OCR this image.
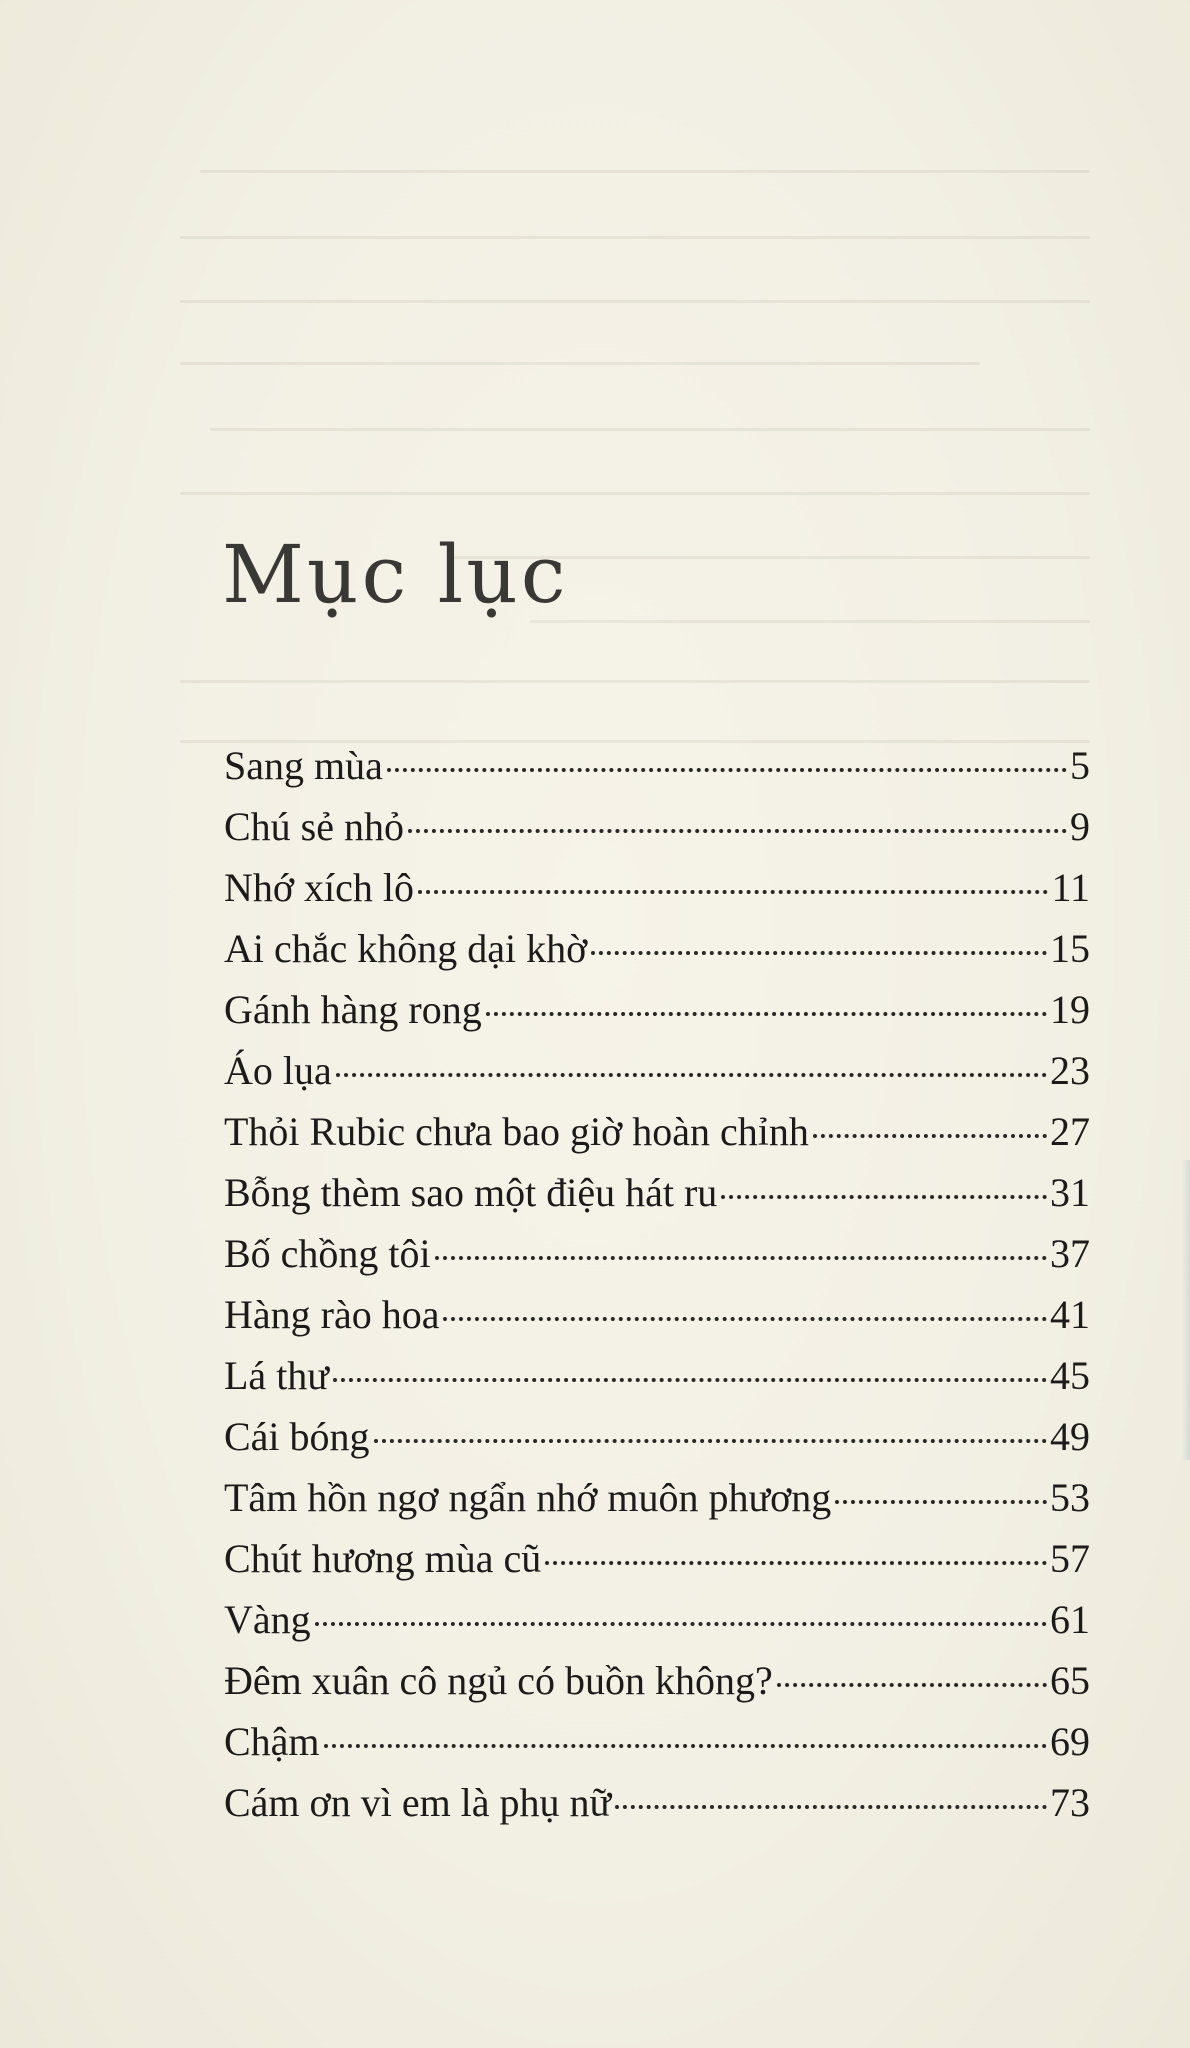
Mục lục
Sang mùa	5
Chú sẻ nhỏ	9
Nhớ xích lô	11
Ai chắc không dại khờ	15
Gánh hàng rong	19
Áo lụa	23
Thỏi Rubic chưa bao giờ hoàn chỉnh	27
Bỗng thèm sao một điệu hát ru	31
Bố chồng tôi	37
Hàng rào hoa	41
Lá thư	45
Cái bóng	49
Tâm hồn ngơ ngẩn nhớ muôn phương	53
Chút hương mùa cũ	57
Vàng	61
Đêm xuân cô ngủ có buồn không?	65
Chậm	69
Cám ơn vì em là phụ nữ	73
